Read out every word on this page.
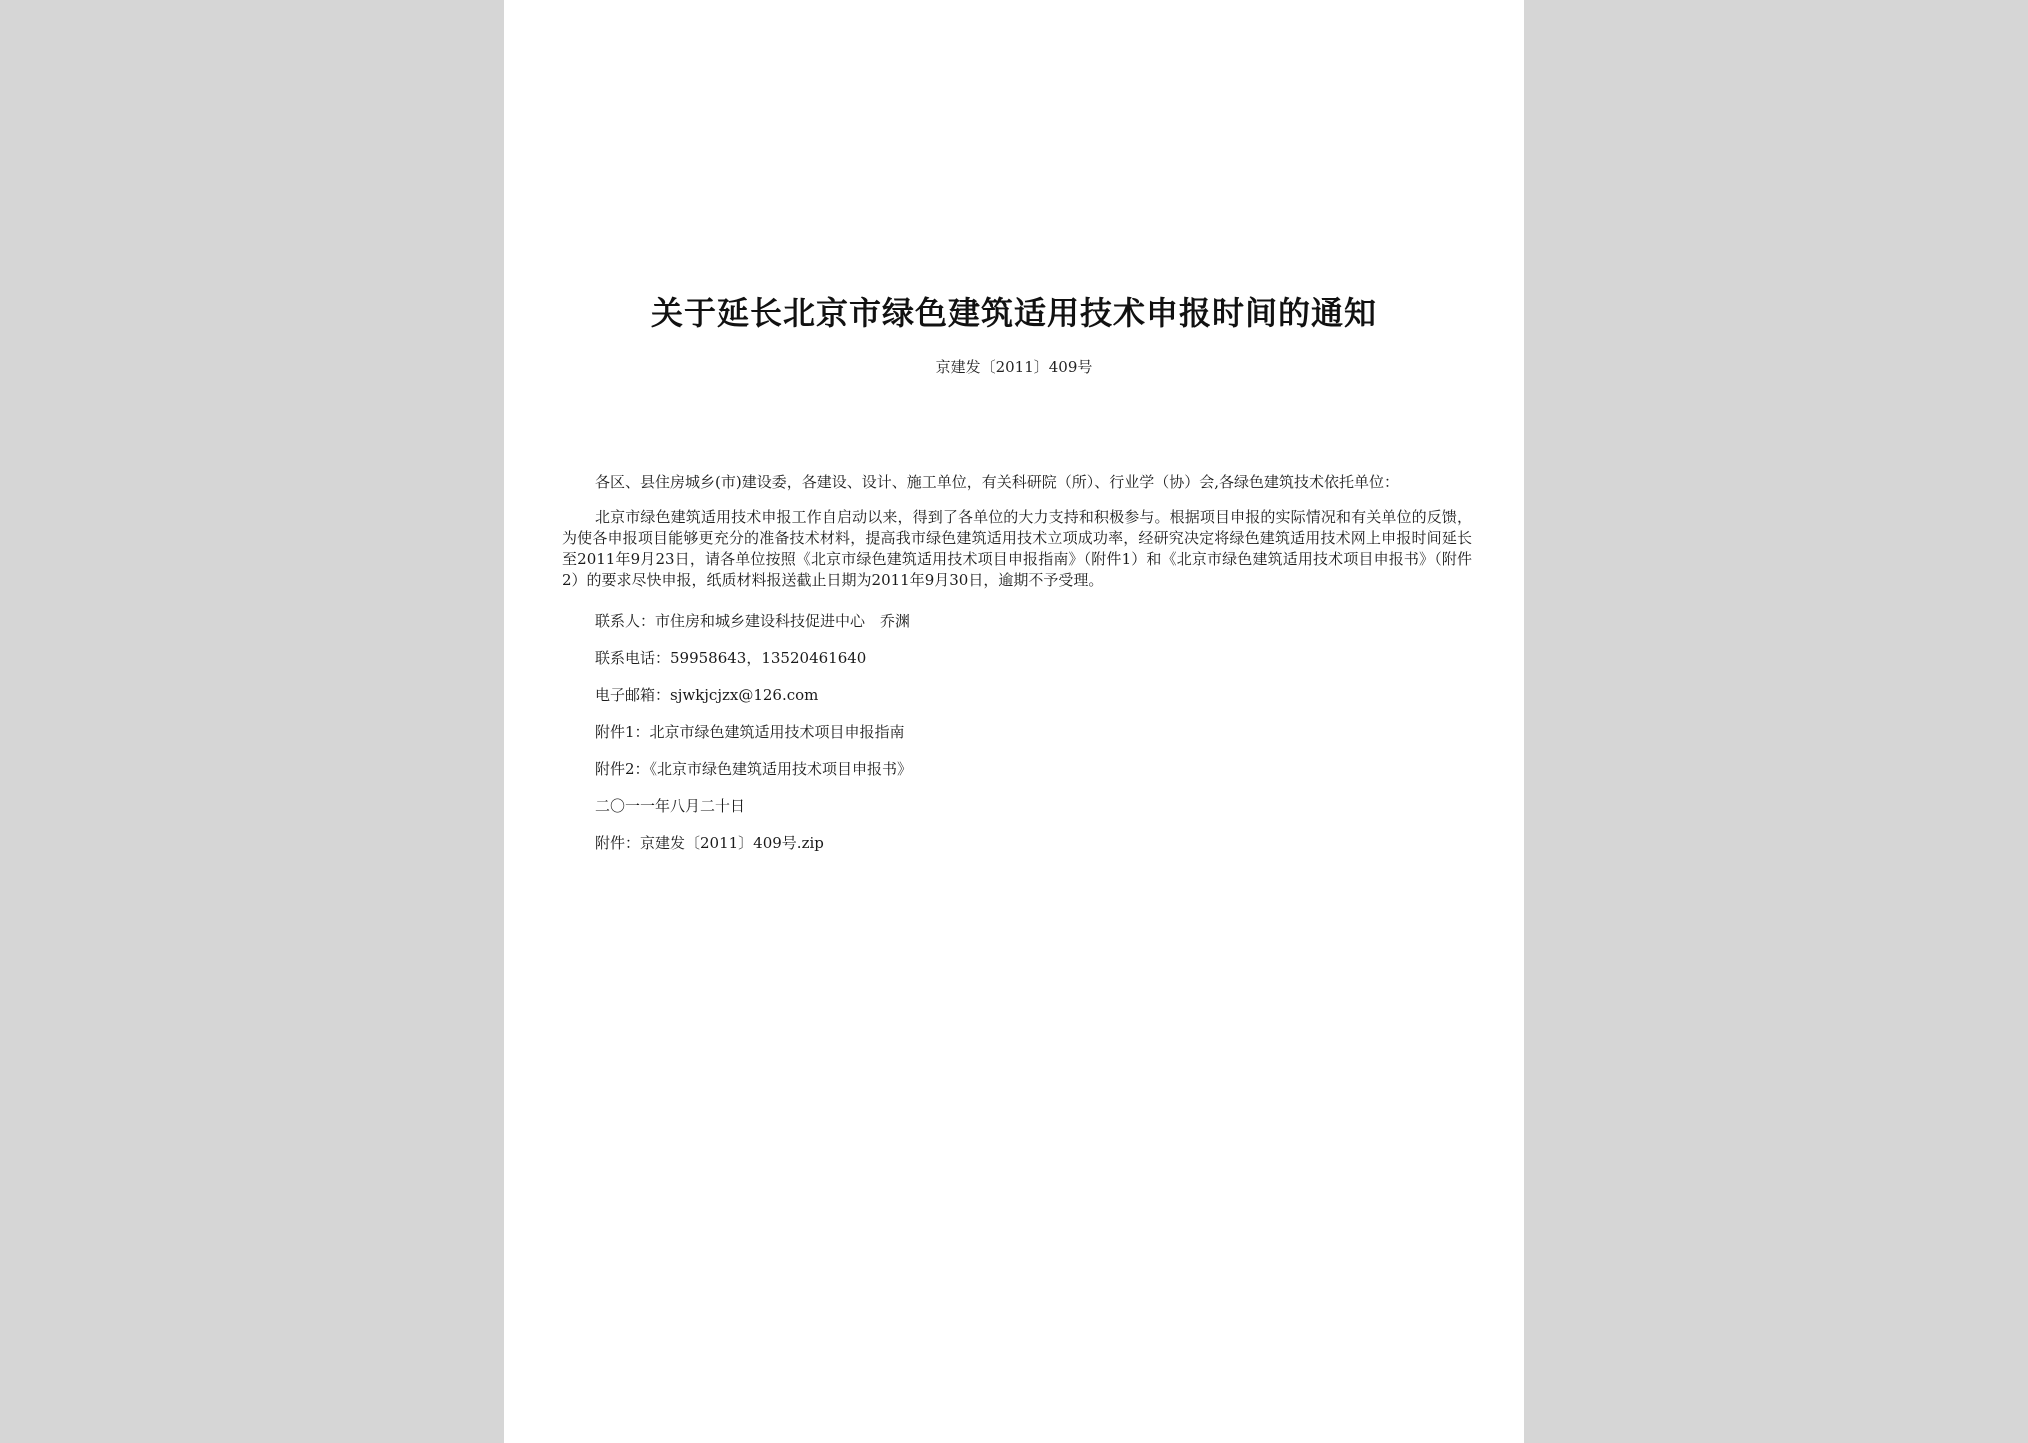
关于延长北京市绿色建筑适用技术申报时间的通知

京建发〔2011〕409号

各区、县住房城乡(市)建设委，各建设、设计、施工单位，有关科研院（所）、行业学（协）会,各绿色建筑技术依托单位：

北京市绿色建筑适用技术申报工作自启动以来，得到了各单位的大力支持和积极参与。根据项目申报的实际情况和有关单位的反馈，为使各申报项目能够更充分的准备技术材料，提高我市绿色建筑适用技术立项成功率，经研究决定将绿色建筑适用技术网上申报时间延长至2011年9月23日，请各单位按照《北京市绿色建筑适用技术项目申报指南》（附件1）和《北京市绿色建筑适用技术项目申报书》（附件2）的要求尽快申报，纸质材料报送截止日期为2011年9月30日，逾期不予受理。

联系人：市住房和城乡建设科技促进中心　乔渊

联系电话：59958643，13520461640

电子邮箱：sjwkjcjzx@126.com

附件1：北京市绿色建筑适用技术项目申报指南

附件2：《北京市绿色建筑适用技术项目申报书》

二〇一一年八月二十日

附件：京建发〔2011〕409号.zip
